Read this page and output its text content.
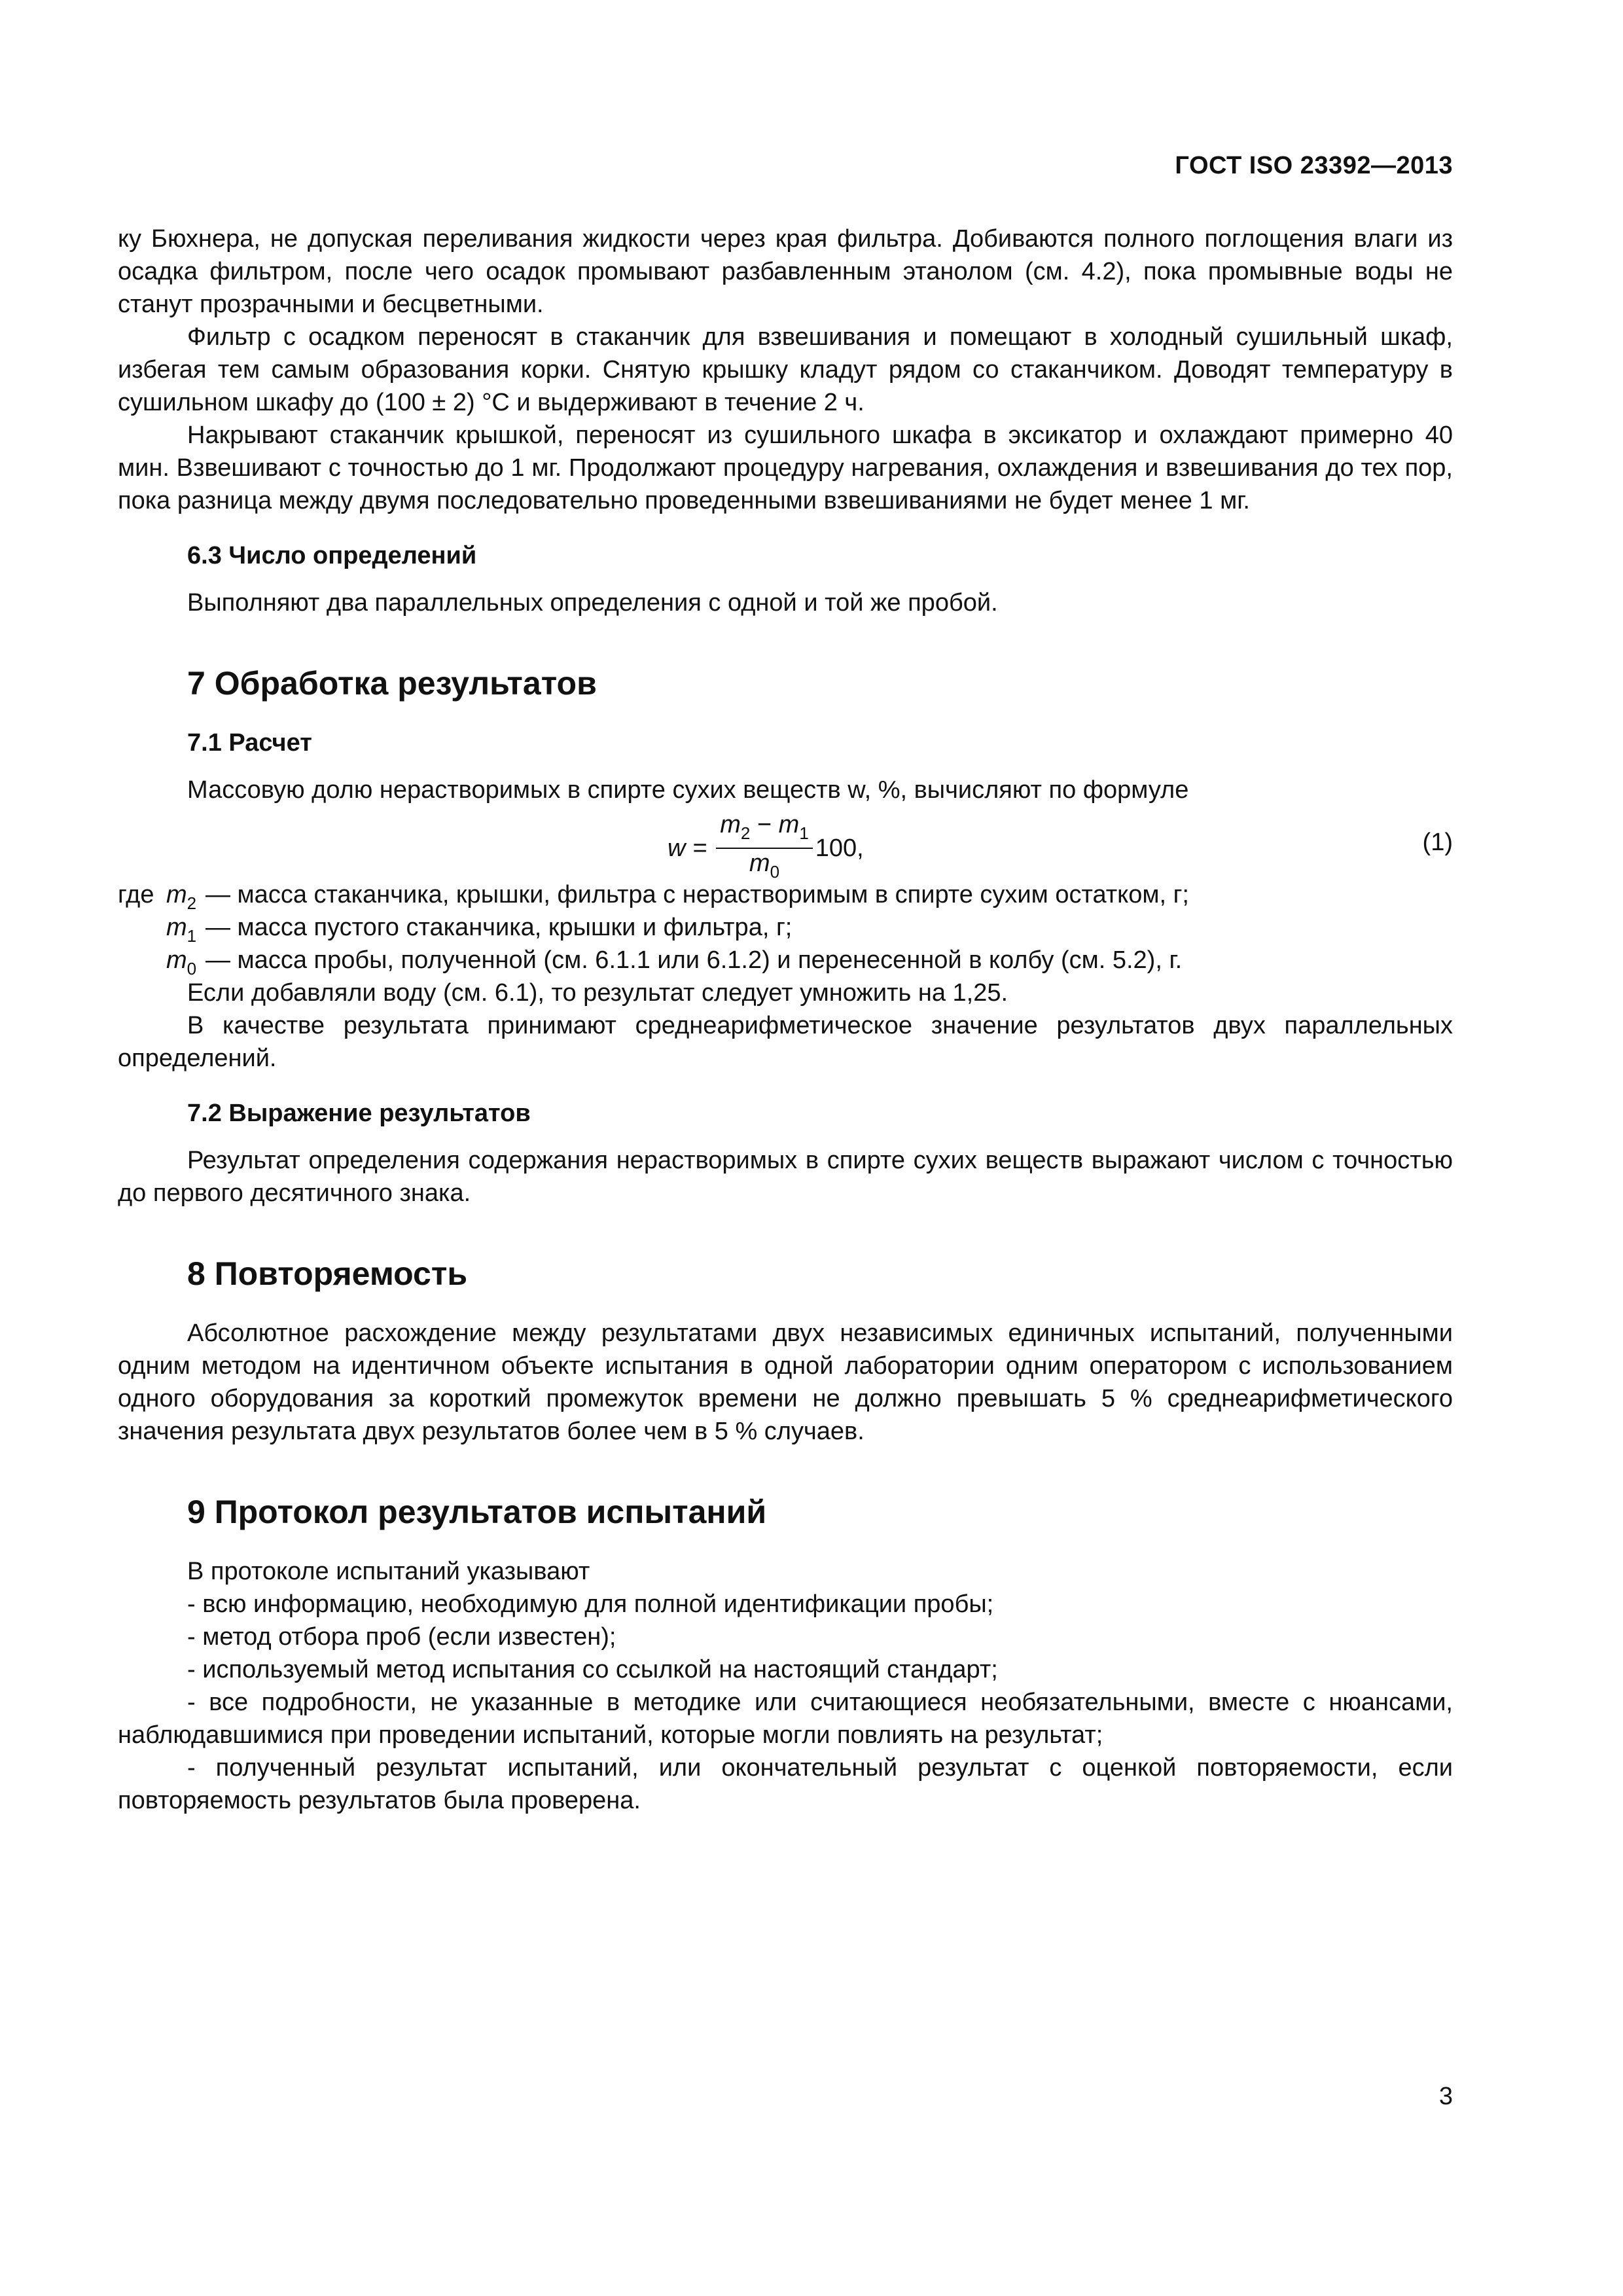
ГОСТ ISO 23392—2013

ку Бюхнера, не допуская переливания жидкости через края фильтра. Добиваются полного поглощения влаги из осадка фильтром, после чего осадок промывают разбавленным этанолом (см. 4.2), пока промывные воды не станут прозрачными и бесцветными.

Фильтр с осадком переносят в стаканчик для взвешивания и помещают в холодный сушильный шкаф, избегая тем самым образования корки. Снятую крышку кладут рядом со стаканчиком. Доводят температуру в сушильном шкафу до (100 ± 2) °С и выдерживают в течение 2 ч.

Накрывают стаканчик крышкой, переносят из сушильного шкафа в эксикатор и охлаждают примерно 40 мин. Взвешивают с точностью до 1 мг. Продолжают процедуру нагревания, охлаждения и взвешивания до тех пор, пока разница между двумя последовательно проведенными взвешиваниями не будет менее 1 мг.

6.3 Число определений

Выполняют два параллельных определения с одной и той же пробой.

7 Обработка результатов

7.1 Расчет

Массовую долю нерастворимых в спирте сухих веществ w, %, вычисляют по формуле

$w = \frac{m_2 - m_1}{m_0} 100$,	(1)
где $m_2$ — масса стаканчика, крышки, фильтра с нерастворимым в спирте сухим остатком, г;
$m_1$ — масса пустого стаканчика, крышки и фильтра, г;
$m_0$ — масса пробы, полученной (см. 6.1.1 или 6.1.2) и перенесенной в колбу (см. 5.2), г.

Если добавляли воду (см. 6.1), то результат следует умножить на 1,25.

В качестве результата принимают среднеарифметическое значение результатов двух параллельных определений.

7.2 Выражение результатов

Результат определения содержания нерастворимых в спирте сухих веществ выражают числом с точностью до первого десятичного знака.

8 Повторяемость

Абсолютное расхождение между результатами двух независимых единичных испытаний, полученными одним методом на идентичном объекте испытания в одной лаборатории одним оператором с использованием одного оборудования за короткий промежуток времени не должно превышать 5 % среднеарифметического значения результата двух результатов более чем в 5 % случаев.

9 Протокол результатов испытаний

В протоколе испытаний указывают

- всю информацию, необходимую для полной идентификации пробы;

- метод отбора проб (если известен);

- используемый метод испытания со ссылкой на настоящий стандарт;

- все подробности, не указанные в методике или считающиеся необязательными, вместе с нюансами, наблюдавшимися при проведении испытаний, которые могли повлиять на результат;

- полученный результат испытаний, или окончательный результат с оценкой повторяемости, если повторяемость результатов была проверена.

3
